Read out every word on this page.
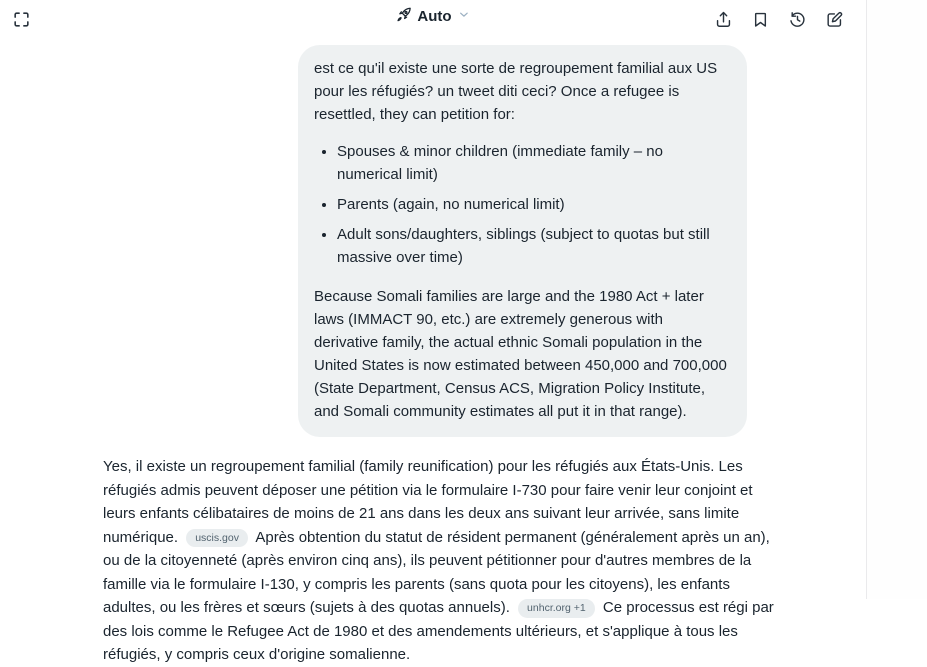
Auto

est ce qu'il existe une sorte de regroupement familial aux US pour les réfugiés? un tweet diti ceci? Once a refugee is resettled, they can petition for:

• Spouses & minor children (immediate family – no numerical limit)
• Parents (again, no numerical limit)
• Adult sons/daughters, siblings (subject to quotas but still massive over time)

Because Somali families are large and the 1980 Act + later laws (IMMACT 90, etc.) are extremely generous with derivative family, the actual ethnic Somali population in the United States is now estimated between 450,000 and 700,000 (State Department, Census ACS, Migration Policy Institute, and Somali community estimates all put it in that range).

Yes, il existe un regroupement familial (family reunification) pour les réfugiés aux États-Unis. Les réfugiés admis peuvent déposer une pétition via le formulaire I-730 pour faire venir leur conjoint et leurs enfants célibataires de moins de 21 ans dans les deux ans suivant leur arrivée, sans limite numérique. uscis.gov Après obtention du statut de résident permanent (généralement après un an), ou de la citoyenneté (après environ cinq ans), ils peuvent pétitionner pour d'autres membres de la famille via le formulaire I-130, y compris les parents (sans quota pour les citoyens), les enfants adultes, ou les frères et sœurs (sujets à des quotas annuels). unhcr.org +1 Ce processus est régi par des lois comme le Refugee Act de 1980 et des amendements ultérieurs, et s'applique à tous les réfugiés, y compris ceux d'origine somalienne.
